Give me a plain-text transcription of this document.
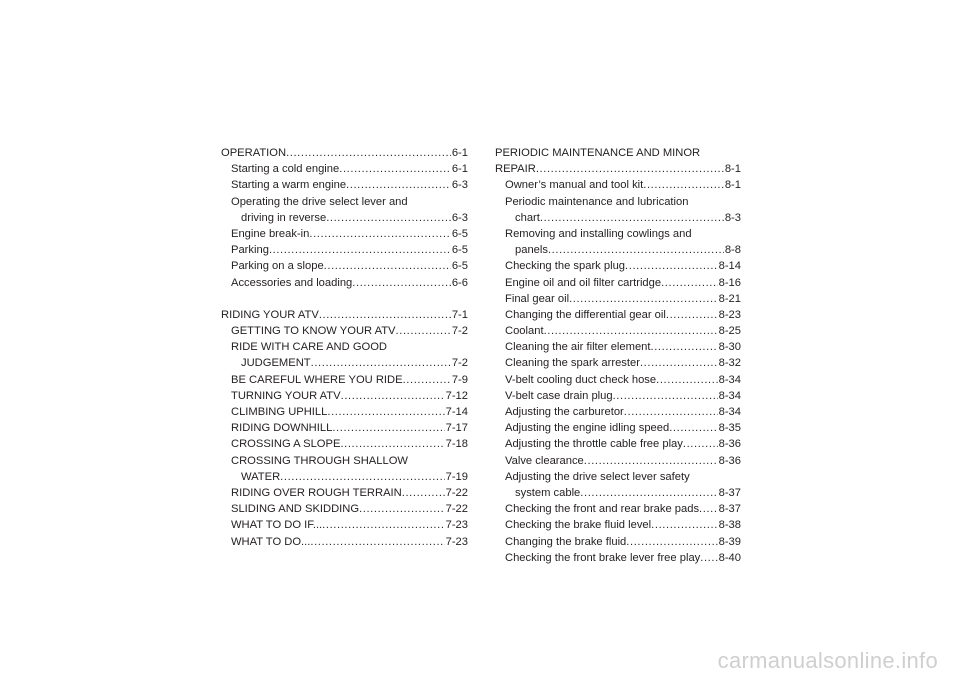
OPERATION .....	6-1
Starting a cold engine .....	6-1
Starting a warm engine .....	6-3
Operating the drive select lever and
driving in reverse .....	6-3
Engine break-in .....	6-5
Parking .....	6-5
Parking on a slope .....	6-5
Accessories and loading .....	6-6
RIDING YOUR ATV .....	7-1
GETTING TO KNOW YOUR ATV .....	7-2
RIDE WITH CARE AND GOOD
JUDGEMENT .....	7-2
BE CAREFUL WHERE YOU RIDE .....	7-9
TURNING YOUR ATV .....	7-12
CLIMBING UPHILL .....	7-14
RIDING DOWNHILL .....	7-17
CROSSING A SLOPE .....	7-18
CROSSING THROUGH SHALLOW
WATER .....	7-19
RIDING OVER ROUGH TERRAIN .....	7-22
SLIDING AND SKIDDING .....	7-22
WHAT TO DO IF... .....	7-23
WHAT TO DO... .....	7-23
PERIODIC MAINTENANCE AND MINOR
REPAIR .....	8-1
Owner’s manual and tool kit .....	8-1
Periodic maintenance and lubrication
chart .....	8-3
Removing and installing cowlings and
panels .....	8-8
Checking the spark plug .....	8-14
Engine oil and oil filter cartridge .....	8-16
Final gear oil .....	8-21
Changing the differential gear oil .....	8-23
Coolant .....	8-25
Cleaning the air filter element .....	8-30
Cleaning the spark arrester .....	8-32
V-belt cooling duct check hose .....	8-34
V-belt case drain plug .....	8-34
Adjusting the carburetor .....	8-34
Adjusting the engine idling speed .....	8-35
Adjusting the throttle cable free play .....	8-36
Valve clearance .....	8-36
Adjusting the drive select lever safety
system cable .....	8-37
Checking the front and rear brake pads ..... 8-37
Checking the brake fluid level .....	8-38
Changing the brake fluid .....	8-39
Checking the front brake lever free play ..... 8-40
carmanualsonline.info
